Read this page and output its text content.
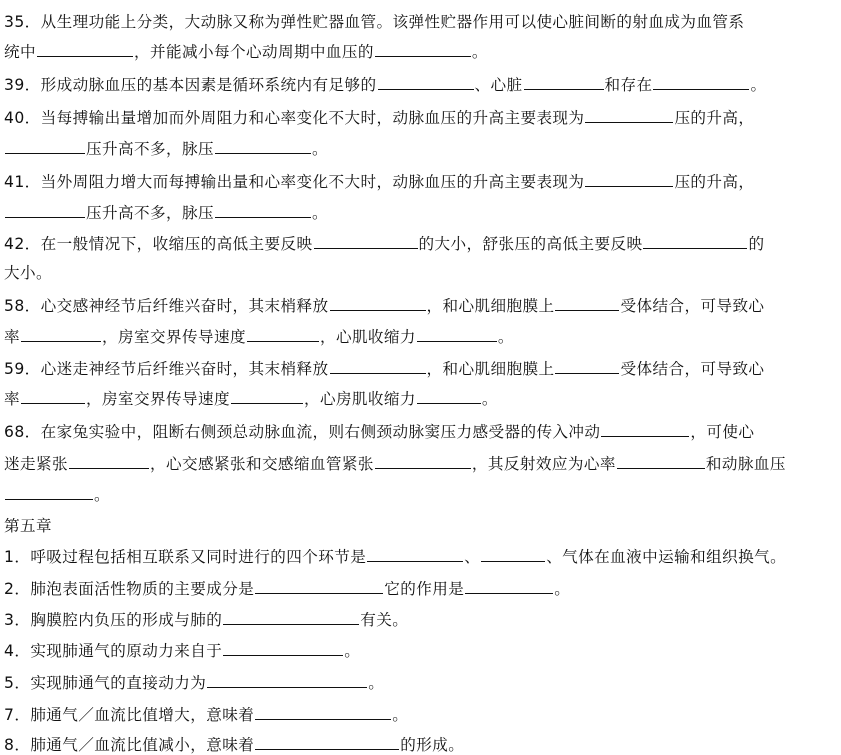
35．从生理功能上分类，大动脉又称为弹性贮器血管。该弹性贮器作用可以使心脏间断的射血成为血管系
统中	，并能减小每个心动周期中血压的	。
39．形成动脉血压的基本因素是循环系统内有足够的	、心脏	和存在	。
40．当每搏输出量增加而外周阻力和心率变化不大时，动脉血压的升高主要表现为	压的升高，
压升高不多，脉压	。
41．当外周阻力增大而每搏输出量和心率变化不大时，动脉血压的升高主要表现为	压的升高，
压升高不多，脉压	。
42．在一般情况下，收缩压的高低主要反映	的大小，舒张压的高低主要反映	的
大小。
58．心交感神经节后纤维兴奋时，其末梢释放	，和心肌细胞膜上	受体结合，可导致心
率	，房室交界传导速度	，心肌收缩力	。
59．心迷走神经节后纤维兴奋时，其末梢释放	，和心肌细胞膜上	受体结合，可导致心
率	，房室交界传导速度	，心房肌收缩力	。
68．在家兔实验中，阻断右侧颈总动脉血流，则右侧颈动脉窦压力感受器的传入冲动	，可使心
迷走紧张	，心交感紧张和交感缩血管紧张	，其反射效应为心率	和动脉血压
。
第五章
1．呼吸过程包括相互联系又同时进行的四个环节是	、	、气体在血液中运输和组织换气。
2．肺泡表面活性物质的主要成分是	它的作用是	。
3．胸膜腔内负压的形成与肺的	有关。
4．实现肺通气的原动力来自于	。
5．实现肺通气的直接动力为	。
7．肺通气／血流比值增大，意味着	。
8．肺通气／血流比值减小，意味着	的形成。
